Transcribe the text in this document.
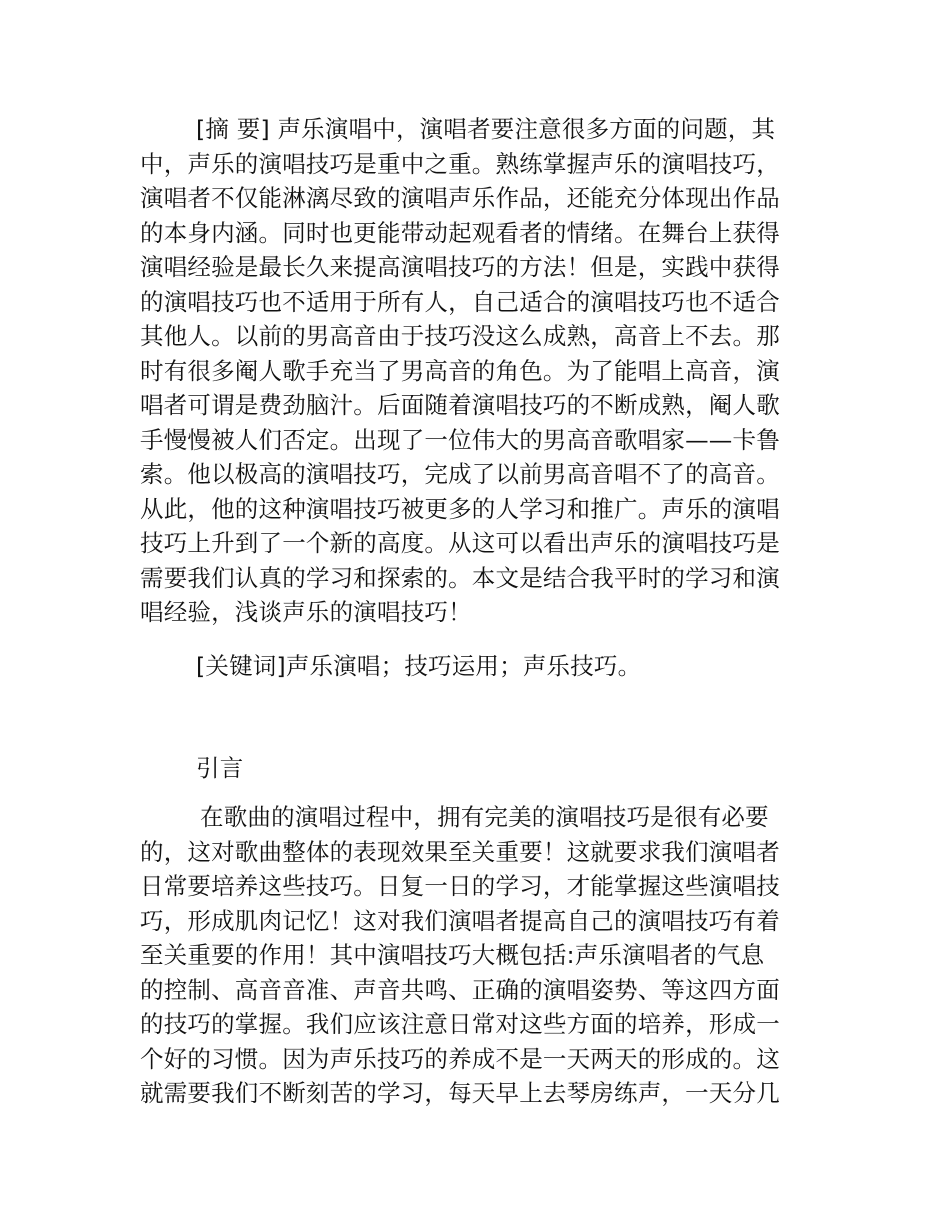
[摘 要] 声乐演唱中，演唱者要注意很多方面的问题，其
中，声乐的演唱技巧是重中之重。熟练掌握声乐的演唱技巧，
演唱者不仅能淋漓尽致的演唱声乐作品，还能充分体现出作品
的本身内涵。同时也更能带动起观看者的情绪。在舞台上获得
演唱经验是最长久来提高演唱技巧的方法！但是，实践中获得
的演唱技巧也不适用于所有人，自己适合的演唱技巧也不适合
其他人。以前的男高音由于技巧没这么成熟，高音上不去。那
时有很多阉人歌手充当了男高音的角色。为了能唱上高音，演
唱者可谓是费劲脑汁。后面随着演唱技巧的不断成熟，阉人歌
手慢慢被人们否定。出现了一位伟大的男高音歌唱家——卡鲁
索。他以极高的演唱技巧，完成了以前男高音唱不了的高音。
从此，他的这种演唱技巧被更多的人学习和推广。声乐的演唱
技巧上升到了一个新的高度。从这可以看出声乐的演唱技巧是
需要我们认真的学习和探索的。本文是结合我平时的学习和演
唱经验，浅谈声乐的演唱技巧！
[关键词]声乐演唱；技巧运用；声乐技巧。
引言
在歌曲的演唱过程中，拥有完美的演唱技巧是很有必要
的，这对歌曲整体的表现效果至关重要！这就要求我们演唱者
日常要培养这些技巧。日复一日的学习，才能掌握这些演唱技
巧，形成肌肉记忆！这对我们演唱者提高自己的演唱技巧有着
至关重要的作用！其中演唱技巧大概包括:声乐演唱者的气息
的控制、高音音准、声音共鸣、正确的演唱姿势、等这四方面
的技巧的掌握。我们应该注意日常对这些方面的培养，形成一
个好的习惯。因为声乐技巧的养成不是一天两天的形成的。这
就需要我们不断刻苦的学习，每天早上去琴房练声，一天分几
